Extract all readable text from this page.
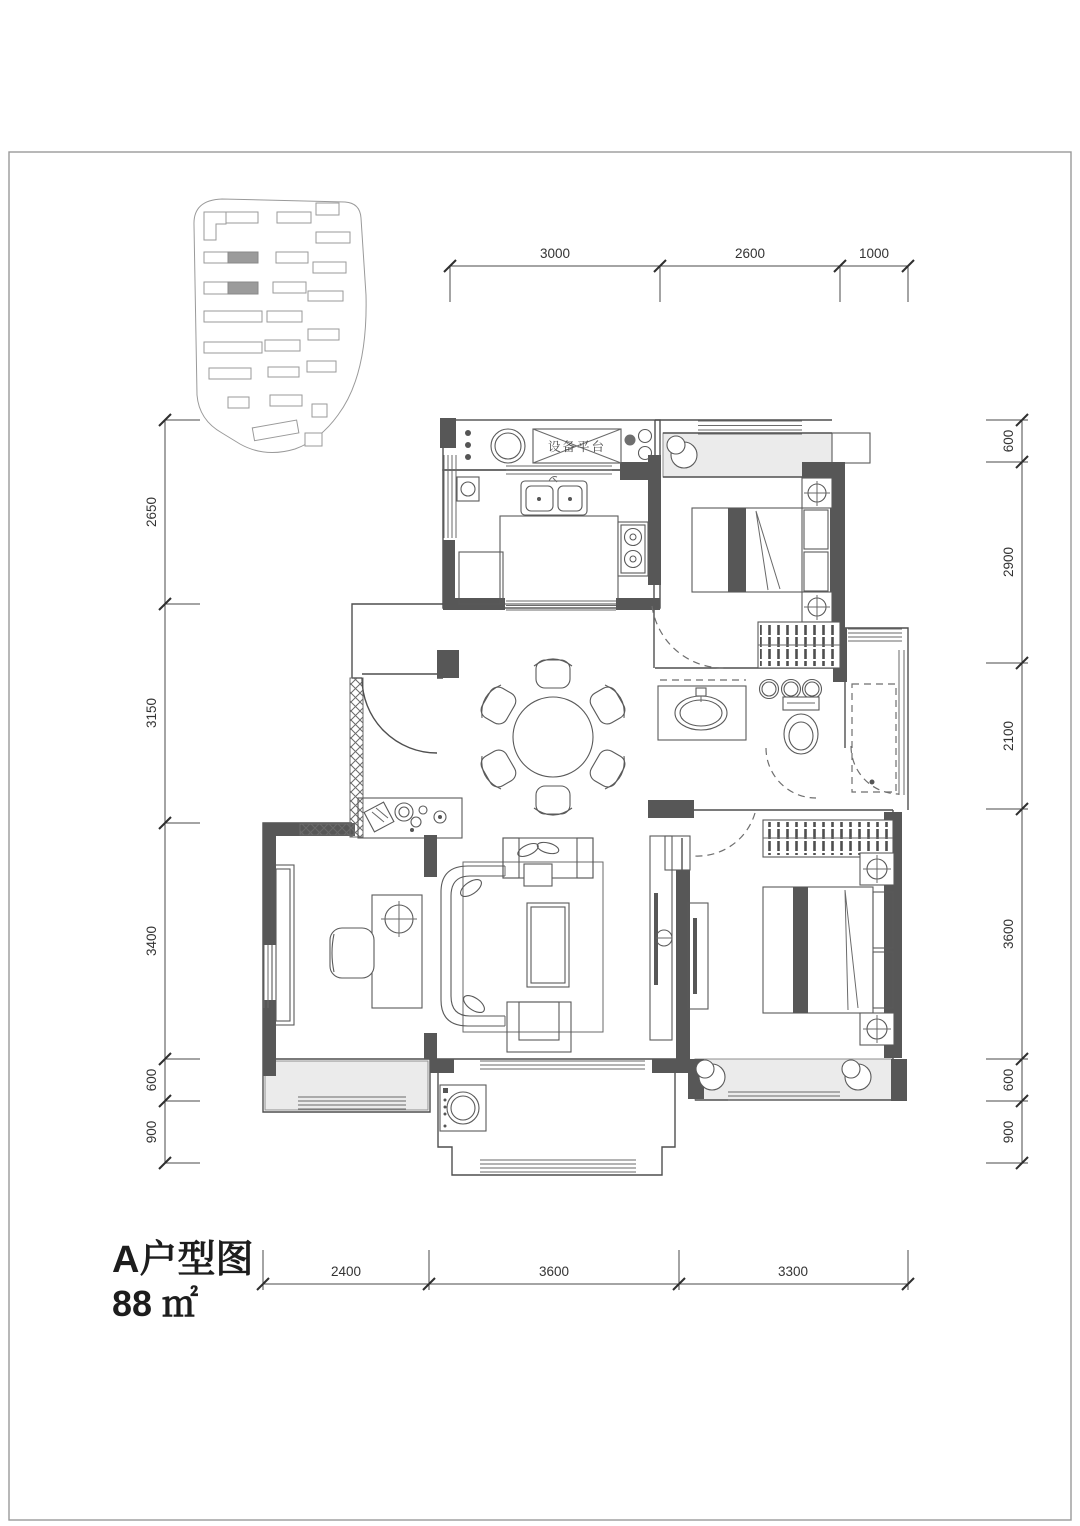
设备平台
3000	2600	1000
2650
3150
3400
600
900
600
2900
2100
3600
600
900
2400	3600	3300
A户型图
88 ㎡
